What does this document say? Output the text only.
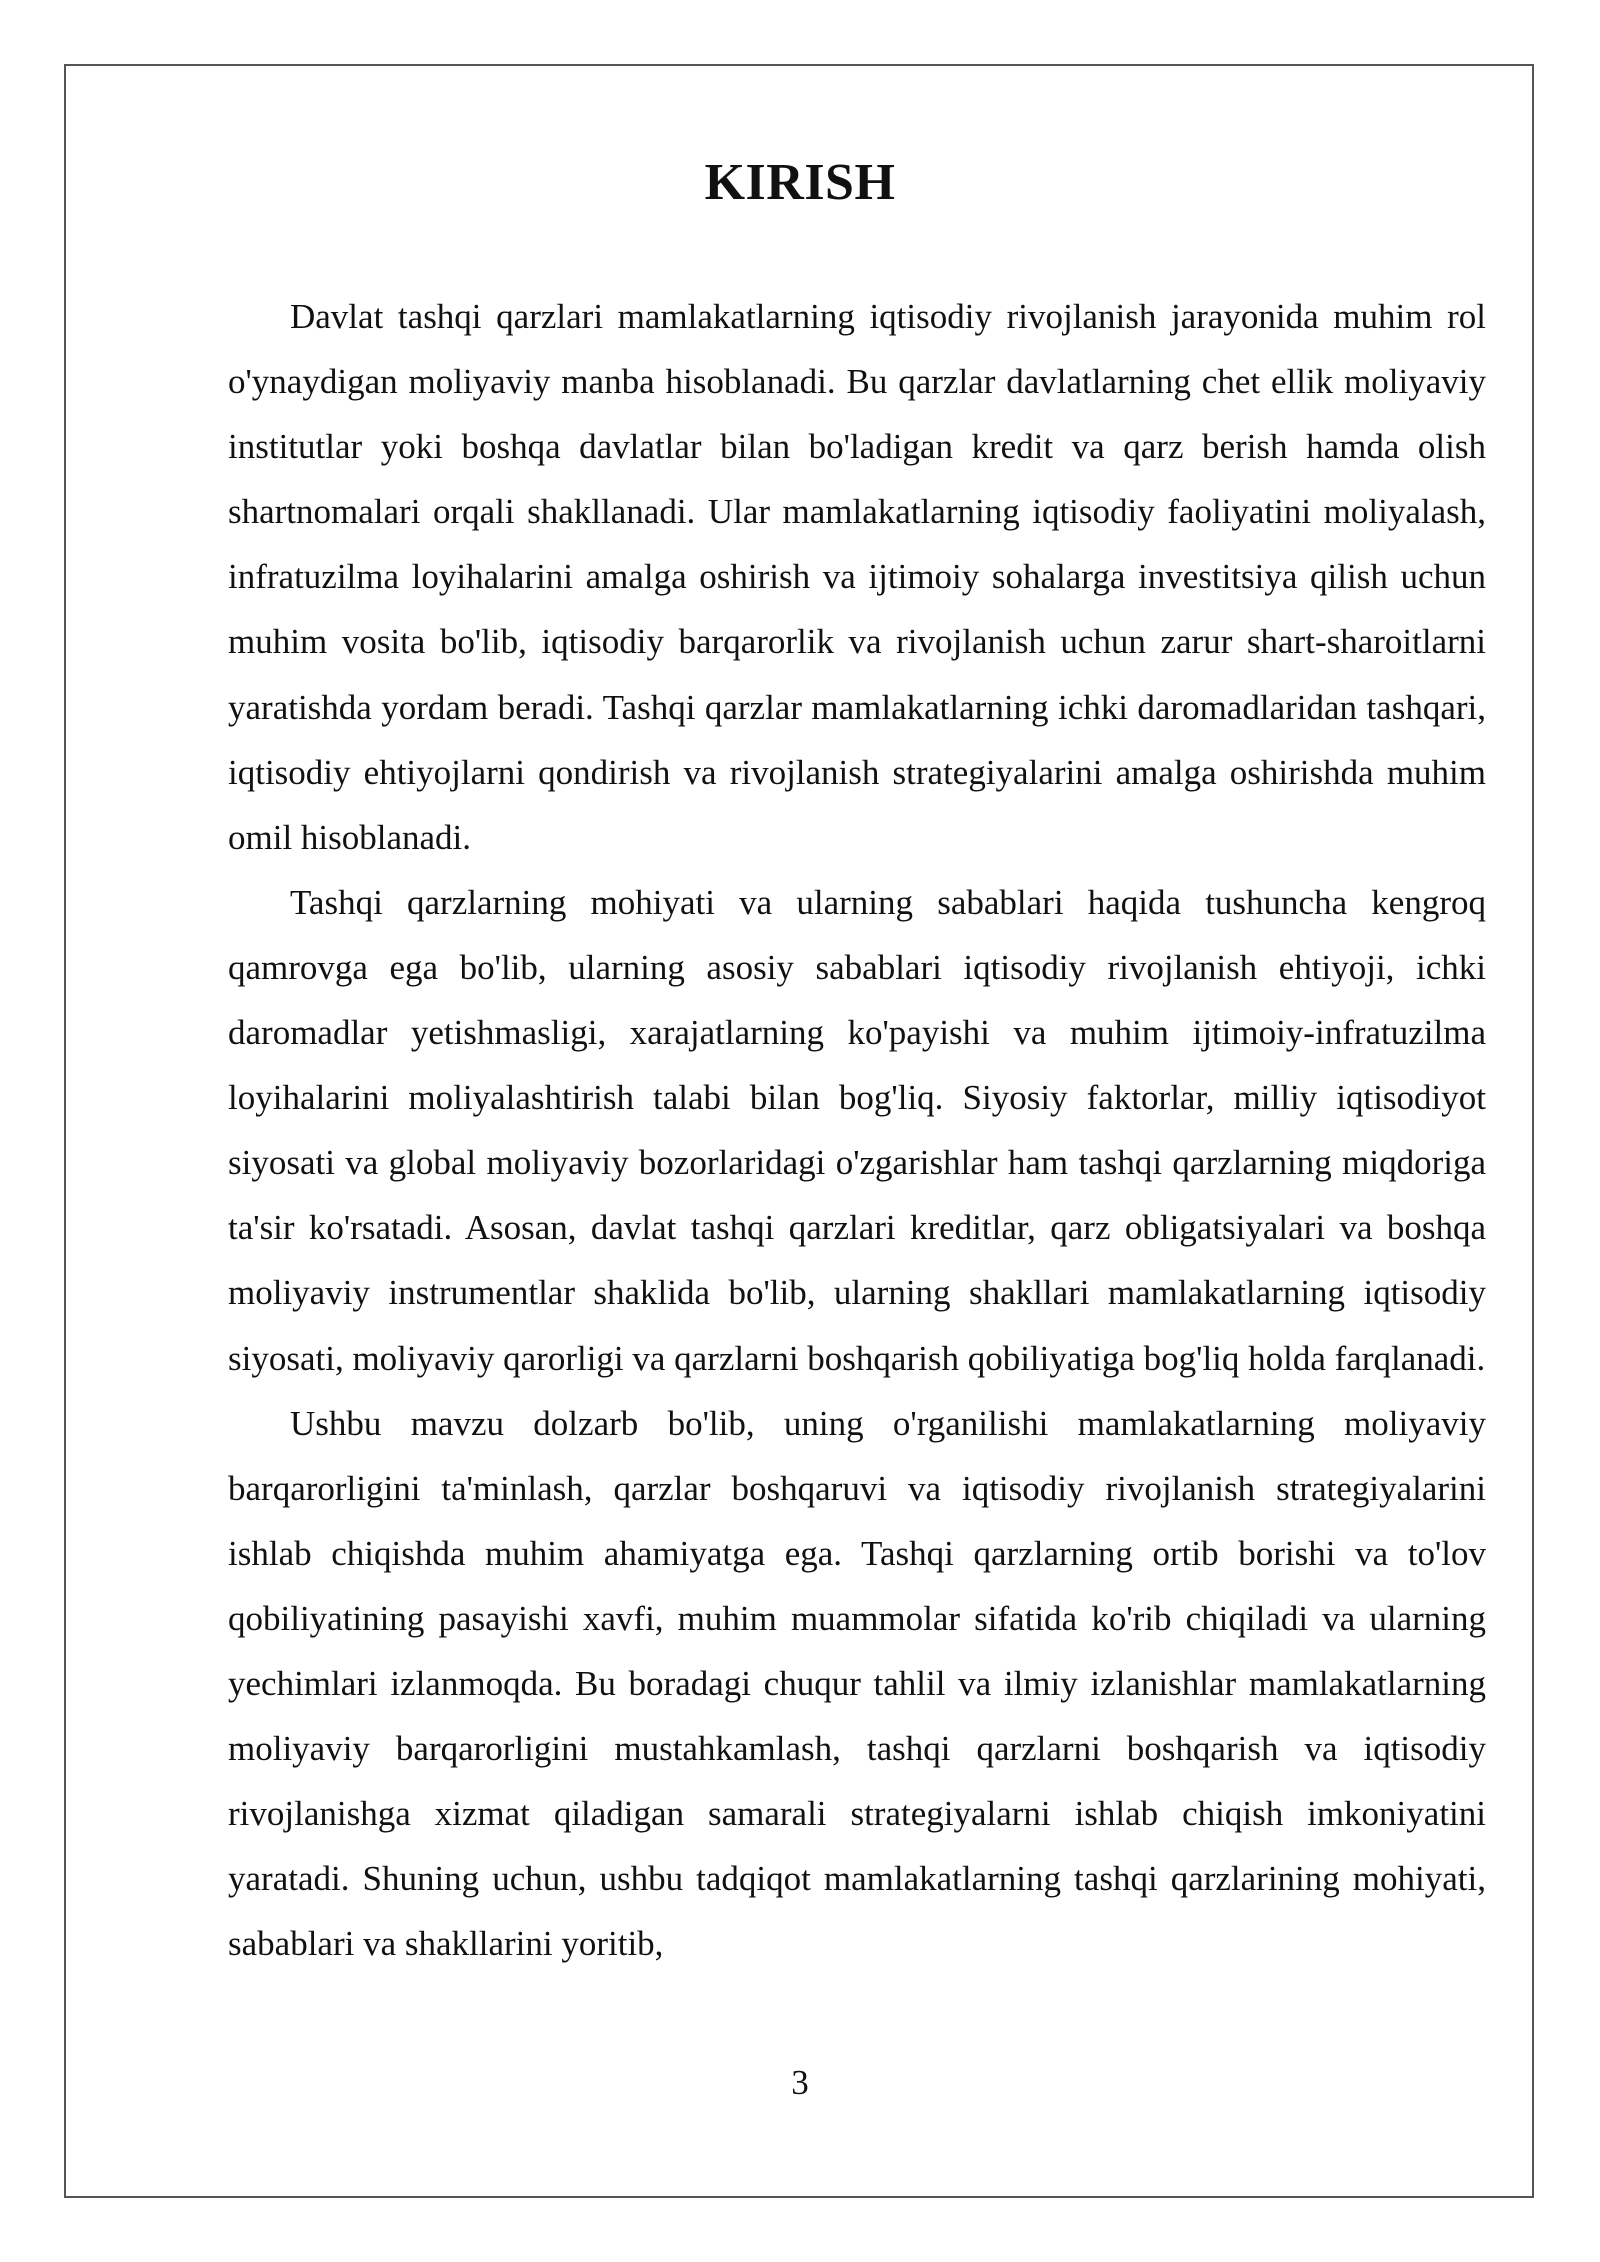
KIRISH

Davlat tashqi qarzlari mamlakatlarning iqtisodiy rivojlanish jarayonida muhim rol o'ynaydigan moliyaviy manba hisoblanadi. Bu qarzlar davlatlarning chet ellik moliyaviy institutlar yoki boshqa davlatlar bilan bo'ladigan kredit va qarz berish hamda olish shartnomalari orqali shakllanadi. Ular mamlakatlarning iqtisodiy faoliyatini moliyalash, infratuzilma loyihalarini amalga oshirish va ijtimoiy sohalarga investitsiya qilish uchun muhim vosita bo'lib, iqtisodiy barqarorlik va rivojlanish uchun zarur shart-sharoitlarni yaratishda yordam beradi. Tashqi qarzlar mamlakatlarning ichki daromadlaridan tashqari, iqtisodiy ehtiyojlarni qondirish va rivojlanish strategiyalarini amalga oshirishda muhim omil hisoblanadi.

Tashqi qarzlarning mohiyati va ularning sabablari haqida tushuncha kengroq qamrovga ega bo'lib, ularning asosiy sabablari iqtisodiy rivojlanish ehtiyoji, ichki daromadlar yetishmasligi, xarajatlarning ko'payishi va muhim ijtimoiy-infratuzilma loyihalarini moliyalashtirish talabi bilan bog'liq. Siyosiy faktorlar, milliy iqtisodiyot siyosati va global moliyaviy bozorlaridagi o'zgarishlar ham tashqi qarzlarning miqdoriga ta'sir ko'rsatadi. Asosan, davlat tashqi qarzlari kreditlar, qarz obligatsiyalari va boshqa moliyaviy instrumentlar shaklida bo'lib, ularning shakllari mamlakatlarning iqtisodiy siyosati, moliyaviy qarorligi va qarzlarni boshqarish qobiliyatiga bog'liq holda farqlanadi.

Ushbu mavzu dolzarb bo'lib, uning o'rganilishi mamlakatlarning moliyaviy barqarorligini ta'minlash, qarzlar boshqaruvi va iqtisodiy rivojlanish strategiyalarini ishlab chiqishda muhim ahamiyatga ega. Tashqi qarzlarning ortib borishi va to'lov qobiliyatining pasayishi xavfi, muhim muammolar sifatida ko'rib chiqiladi va ularning yechimlari izlanmoqda. Bu boradagi chuqur tahlil va ilmiy izlanishlar mamlakatlarning moliyaviy barqarorligini mustahkamlash, tashqi qarzlarni boshqarish va iqtisodiy rivojlanishga xizmat qiladigan samarali strategiyalarni ishlab chiqish imkoniyatini yaratadi. Shuning uchun, ushbu tadqiqot mamlakatlarning tashqi qarzlarining mohiyati, sabablari va shakllarini yoritib,

3
